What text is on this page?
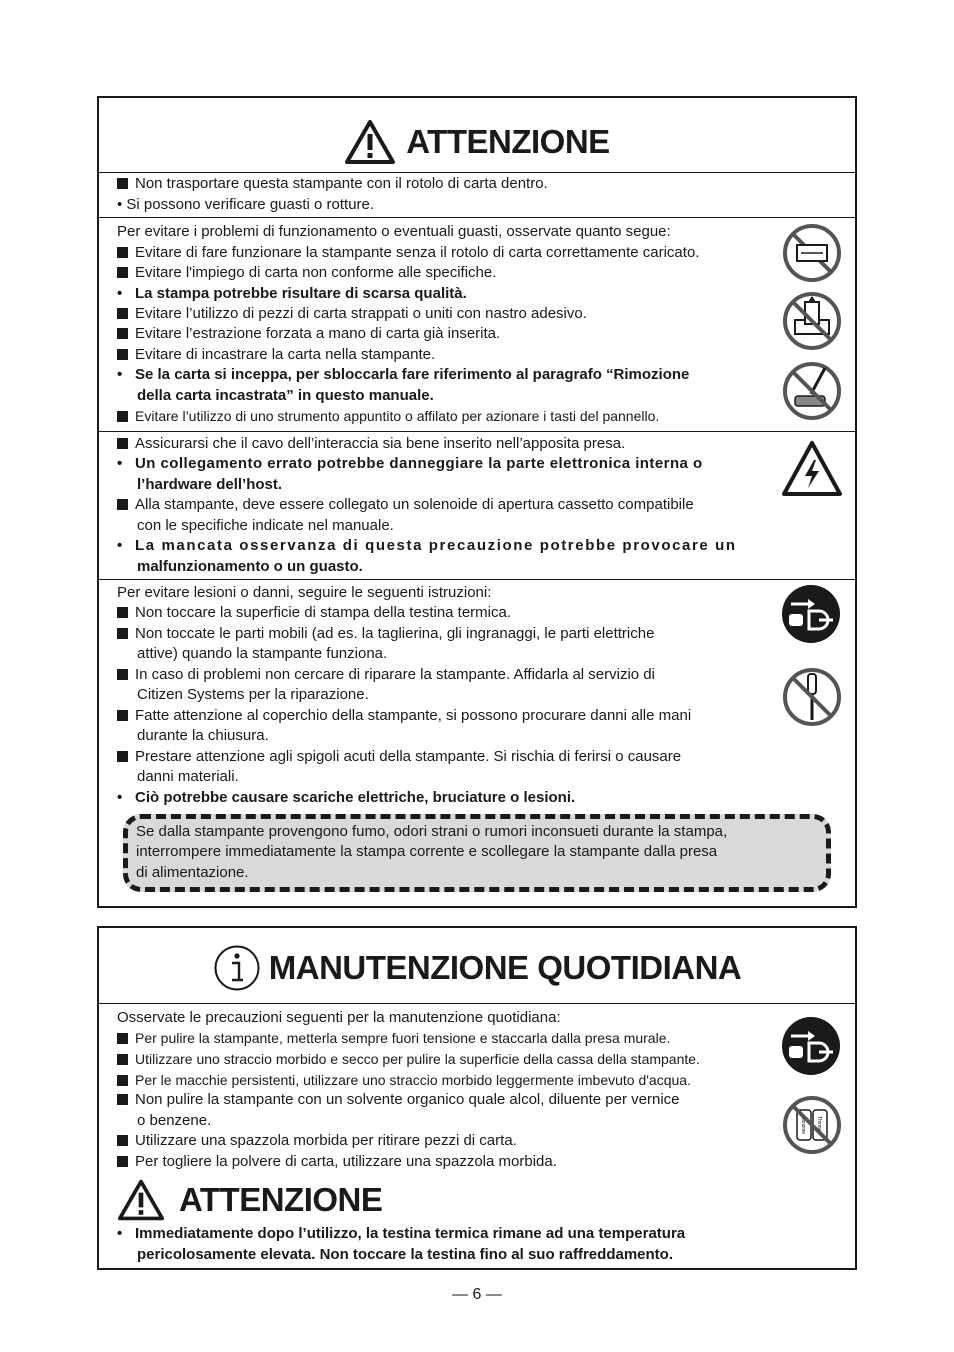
ATTENZIONE
Non trasportare questa stampante con il rotolo di carta dentro.
• Si possono verificare guasti o rotture.
Per evitare i problemi di funzionamento o eventuali guasti, osservate quanto segue:
Evitare di fare funzionare la stampante senza il rotolo di carta correttamente caricato.
Evitare l'impiego di carta non conforme alle specifiche.
• La stampa potrebbe risultare di scarsa qualità.
Evitare l’utilizzo di pezzi di carta strappati o uniti con nastro adesivo.
Evitare l’estrazione forzata a mano di carta già inserita.
Evitare di incastrare la carta nella stampante.
• Se la carta si inceppa, per sbloccarla fare riferimento al paragrafo “Rimozione
della carta incastrata” in questo manuale.
Evitare l’utilizzo di uno strumento appuntito o affilato per azionare i tasti del pannello.
Assicurarsi che il cavo dell’interaccia sia bene inserito nell’apposita presa.
• Un collegamento errato potrebbe danneggiare la parte elettronica interna o
l’hardware dell’host.
Alla stampante, deve essere collegato un solenoide di apertura cassetto compatibile
con le specifiche indicate nel manuale.
• La mancata osservanza di questa precauzione potrebbe provocare un
malfunzionamento o un guasto.
Per evitare lesioni o danni, seguire le seguenti istruzioni:
Non toccare la superficie di stampa della testina termica.
Non toccate le parti mobili (ad es. la taglierina, gli ingranaggi, le parti elettriche
attive) quando la stampante funziona.
In caso di problemi non cercare di riparare la stampante. Affidarla al servizio di
Citizen Systems per la riparazione.
Fatte attenzione al coperchio della stampante, si possono procurare danni alle mani
durante la chiusura.
Prestare attenzione agli spigoli acuti della stampante. Si rischia di ferirsi o causare
danni materiali.
• Ciò potrebbe causare scariche elettriche, bruciature o lesioni.
Se dalla stampante provengono fumo, odori strani o rumori inconsueti durante la stampa,
interrompere immediatamente la stampa corrente e scollegare la stampante dalla presa
di alimentazione.
MANUTENZIONE QUOTIDIANA
Osservate le precauzioni seguenti per la manutenzione quotidiana:
Per pulire la stampante, metterla sempre fuori tensione e staccarla dalla presa murale.
Utilizzare uno straccio morbido e secco per pulire la superficie della cassa della stampante.
Per le macchie persistenti, utilizzare uno straccio morbido leggermente imbevuto d'acqua.
Non pulire la stampante con un solvente organico quale alcol, diluente per vernice
o benzene.
Utilizzare una spazzola morbida per ritirare pezzi di carta.
Per togliere la polvere di carta, utilizzare una spazzola morbida.
Benzine Thinner
ATTENZIONE
• Immediatamente dopo l’utilizzo, la testina termica rimane ad una temperatura
pericolosamente elevata. Non toccare la testina fino al suo raffreddamento.
— 6 —
